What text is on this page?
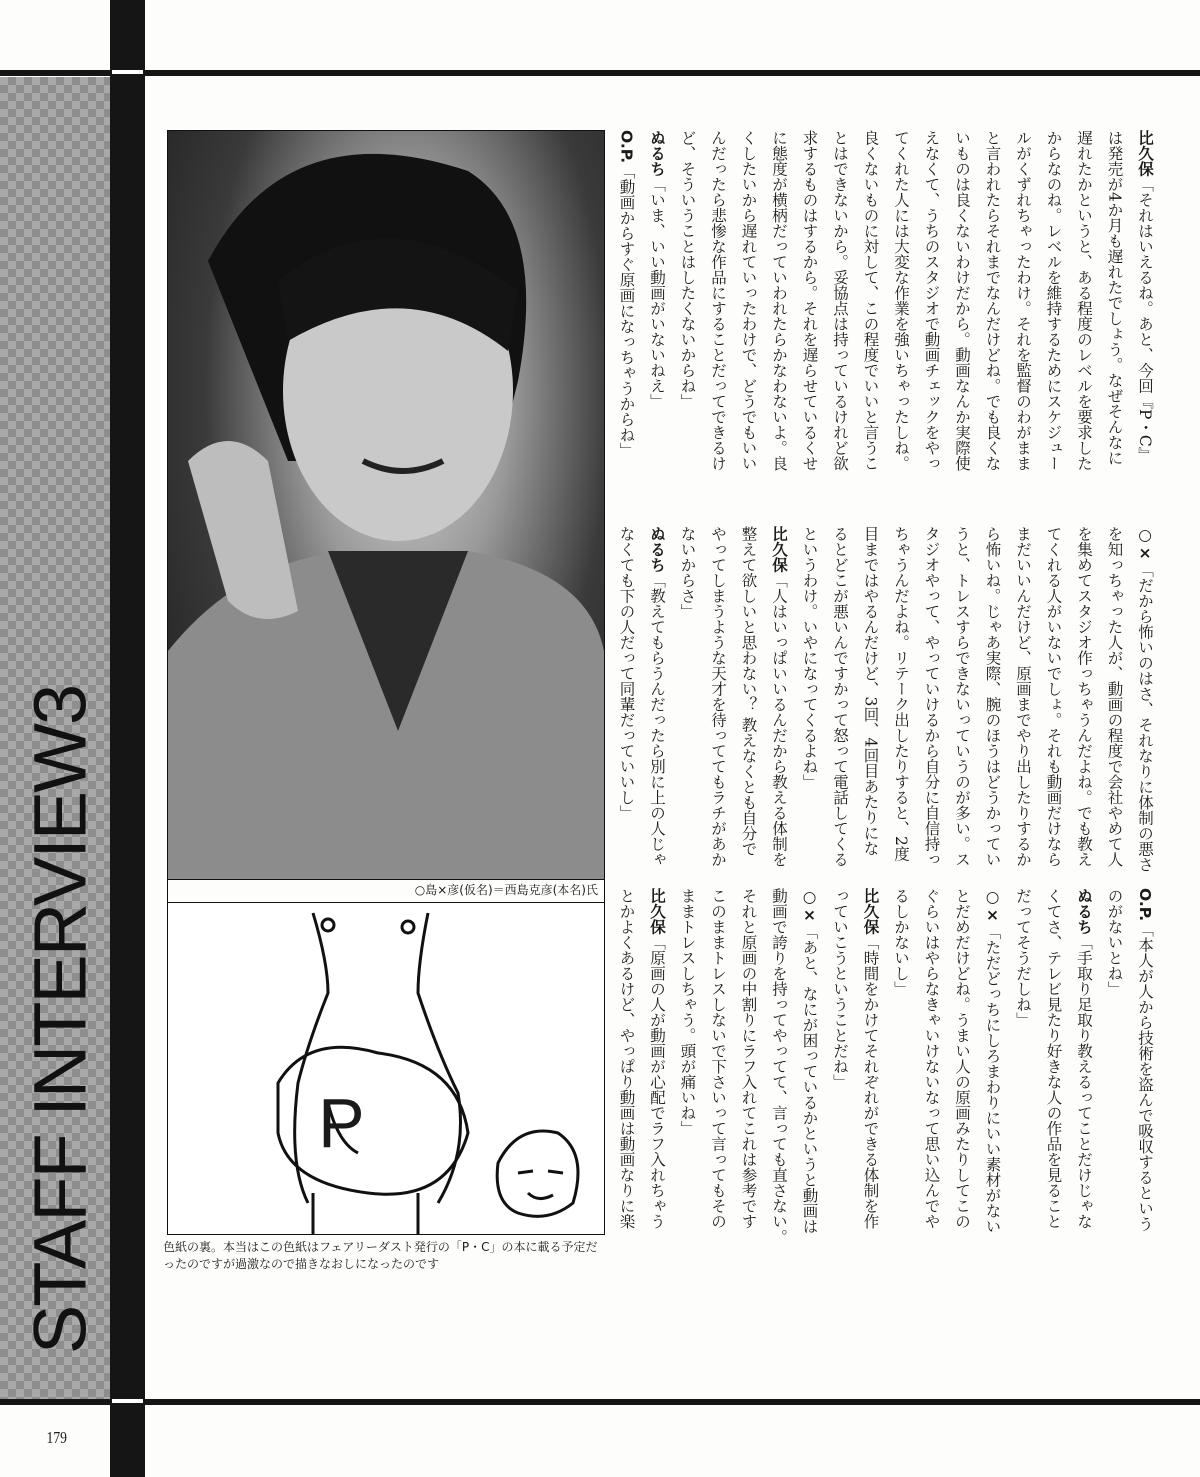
STAFF INTERVIEW3
179
○島×彦(仮名)＝西島克彦(本名)氏
P
色紙の裏。本当はこの色紙はフェアリーダスト発行の「P・C」の本に載る予定だったのですが過激なので描きなおしになったのです
比久保「それはいえるね。あと、今回『P・C』
は発売が4か月も遅れたでしょう。なぜそんなに
遅れたかというと、ある程度のレベルを要求した
からなのね。レベルを維持するためにスケジュー
ルがくずれちゃったわけ。それを監督のわがまま
と言われたらそれまでなんだけどね。でも良くな
いものは良くないわけだから。動画なんか実際使
えなくて、うちのスタジオで動画チェックをやっ
てくれた人には大変な作業を強いちゃったしね。
良くないものに対して、この程度でいいと言うこ
とはできないから。妥協点は持っているけれど欲
求するものはするから。それを遅らせているくせ
に態度が横柄だっていわれたらかなわないよ。良
くしたいから遅れていったわけで、どうでもいい
んだったら悲惨な作品にすることだってできるけ
ど、そういうことはしたくないからね」
ぬるち「いま、いい動画がいないねえ」
O.P.「動画からすぐ原画になっちゃうからね」
○×「だから怖いのはさ、それなりに体制の悪さ
を知っちゃった人が、動画の程度で会社やめて人
を集めてスタジオ作っちゃうんだよね。でも教え
てくれる人がいないでしょ。それも動画だけなら
まだいいんだけど、原画までやり出したりするか
ら怖いね。じゃあ実際、腕のほうはどうかってい
うと、トレスすらできないっていうのが多い。ス
タジオやって、やっていけるから自分に自信持っ
ちゃうんだよね。リテーク出したりすると、2度
目まではやるんだけど、3回、4回目あたりにな
るとどこが悪いんですかって怒って電話してくる
というわけ。いやになってくるよね」
比久保「人はいっぱいいるんだから教える体制を
整えて欲しいと思わない？ 教えなくとも自分で
やってしまうような天才を待っててもラチがあか
ないからさ」
ぬるち「教えてもらうんだったら別に上の人じゃ
なくても下の人だって同輩だっていいし」
O.P.「本人が人から技術を盗んで吸収するという
のがないとね」
ぬるち「手取り足取り教えるってことだけじゃな
くてさ、テレビ見たり好きな人の作品を見ること
だってそうだしね」
○×「ただどっちにしろまわりにいい素材がない
とだめだけどね。うまい人の原画みたりしてこの
ぐらいはやらなきゃいけないなって思い込んでや
るしかないし」
比久保「時間をかけてそれぞれができる体制を作
っていこうということだね」
○×「あと、なにが困っているかというと動画は
動画で誇りを持ってやってて、言っても直さない。
それと原画の中割りにラフ入れてこれは参考です
このままトレスしないで下さいって言ってもその
ままトレスしちゃう。頭が痛いね」
比久保「原画の人が動画が心配でラフ入れちゃう
とかよくあるけど、やっぱり動画は動画なりに楽
